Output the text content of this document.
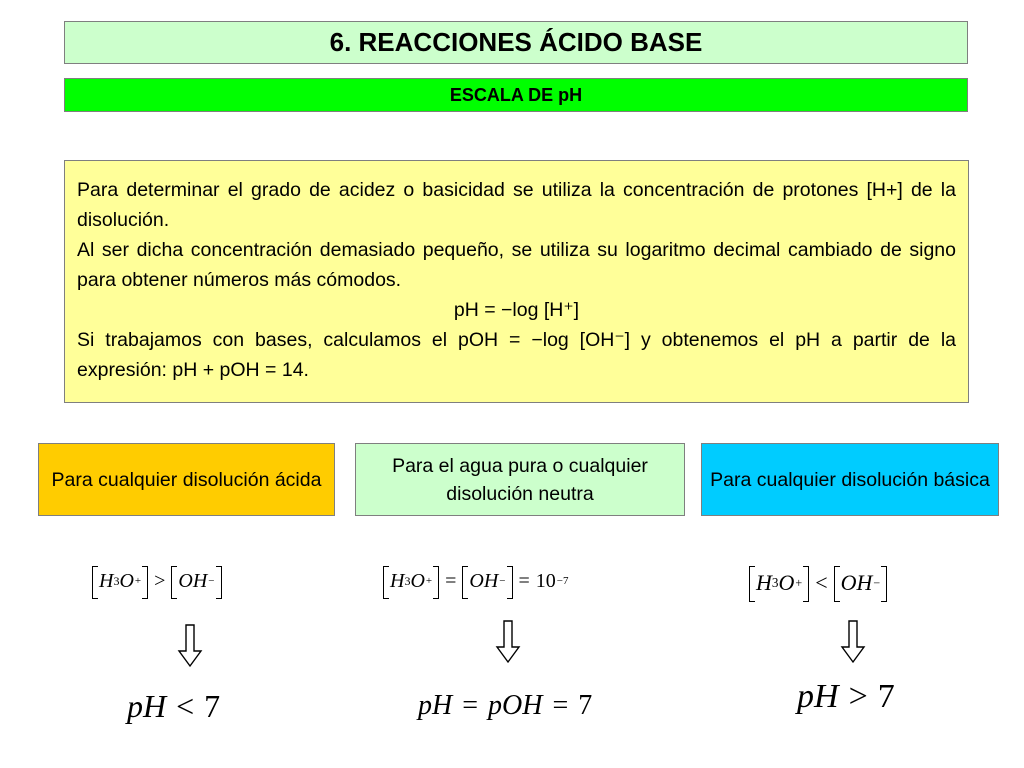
6. REACCIONES ÁCIDO BASE
ESCALA DE pH

Para determinar el grado de acidez o basicidad se utiliza la concentración de protones [H+] de la disolución.

Al ser dicha concentración demasiado pequeño, se utiliza su logaritmo decimal cambiado de signo para obtener números más cómodos.

pH = −log [H⁺]

Si trabajamos con bases, calculamos el pOH = −log [OH⁻] y obtenemos el pH a partir de la expresión: pH + pOH = 14.

Para cualquier disolución ácida
Para el agua pura o cualquier disolución neutra
Para cualquier disolución básica
H 3 O + > OH −	H 3 O + = OH − = 10 −7	H 3 O + < OH −
pH < 7	pH = pOH = 7	pH > 7
